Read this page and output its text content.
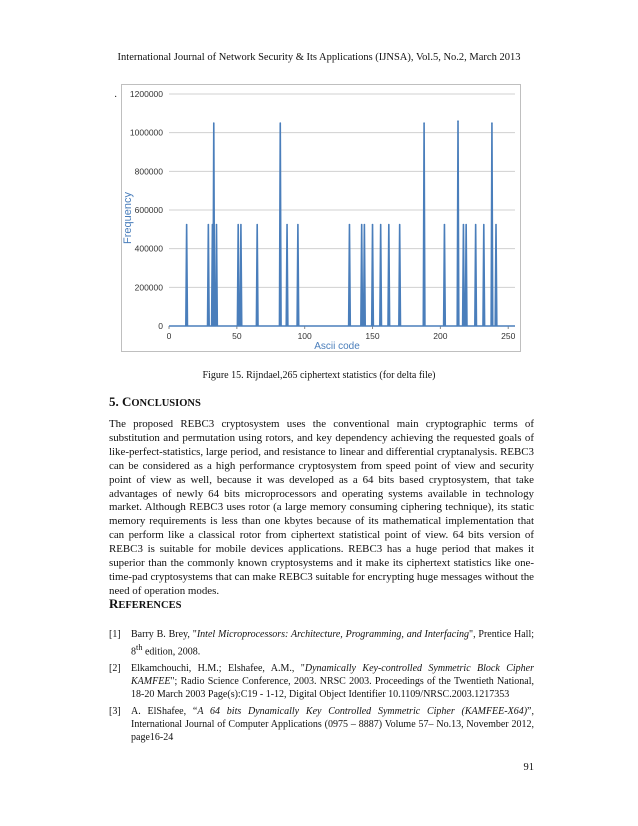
International Journal of Network Security & Its Applications (IJNSA), Vol.5, No.2, March 2013
·
0
200000
400000
600000
800000
1000000
1200000
0	50	100	150	200	250
Frequency
Ascii code
Figure 15. Rijndael,265 ciphertext statistics (for delta file)
5. CONCLUSIONS
The proposed REBC3 cryptosystem uses the conventional main cryptographic terms of substitution and permutation using rotors, and key dependency achieving the requested goals of like-perfect-statistics, large period, and resistance to linear and differential cryptanalysis. REBC3 can be considered as a high performance cryptosystem from speed point of view and security point of view as well, because it was developed as a 64 bits based cryptosystem, that take advantages of newly 64 bits microprocessors and operating systems available in technology market. Although REBC3 uses rotor (a large memory consuming ciphering technique), its static memory requirements is less than one kbytes because of its mathematical implementation that can perform like a classical rotor from ciphertext statistical point of view. 64 bits version of REBC3 is suitable for mobile devices applications. REBC3 has a huge period that makes it superior than the commonly known cryptosystems and it make its ciphertext statistics like one-time-pad cryptosystems that can make REBC3 suitable for encrypting huge messages without the need of operation modes.
REFERENCES
[1] Barry B. Brey, "Intel Microprocessors: Architecture, Programming, and Interfacing", Prentice Hall; 8th edition, 2008.
[2] Elkamchouchi, H.M.; Elshafee, A.M., "Dynamically Key-controlled Symmetric Block Cipher KAMFEE"; Radio Science Conference, 2003. NRSC 2003. Proceedings of the Twentieth National, 18-20 March 2003 Page(s):C19 - 1-12, Digital Object Identifier 10.1109/NRSC.2003.1217353
[3] A. ElShafee, “A 64 bits Dynamically Key Controlled Symmetric Cipher (KAMFEE-X64)”, International Journal of Computer Applications (0975 – 8887) Volume 57– No.13, November 2012, page16-24
91
